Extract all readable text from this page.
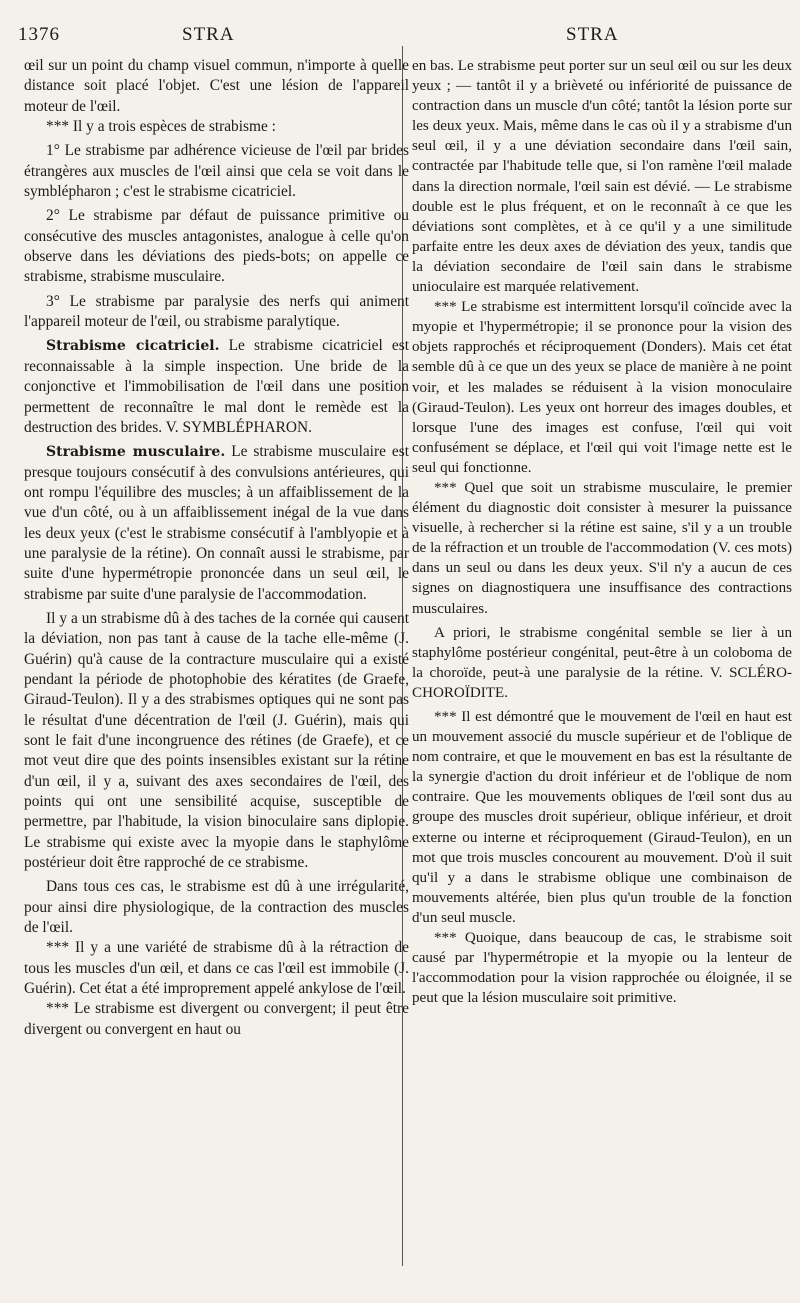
1376	STRA	STRA

œil sur un point du champ visuel commun, n'importe à quelle distance soit placé l'objet. C'est une lésion de l'appareil moteur de l'œil.

*** Il y a trois espèces de strabisme :

1° Le strabisme par adhérence vicieuse de l'œil par brides étrangères aux muscles de l'œil ainsi que cela se voit dans le symblépharon ; c'est le strabisme cicatriciel.

2° Le strabisme par défaut de puissance primitive ou consécutive des muscles antagonistes, analogue à celle qu'on observe dans les déviations des pieds-bots; on appelle ce strabisme, strabisme musculaire.

3° Le strabisme par paralysie des nerfs qui animent l'appareil moteur de l'œil, ou strabisme paralytique.

Strabisme cicatriciel. Le strabisme cicatriciel est reconnaissable à la simple inspection. Une bride de la conjonctive et l'immobilisation de l'œil dans une position permettent de reconnaître le mal dont le remède est la destruction des brides. V. SYMBLÉPHARON.

Strabisme musculaire. Le strabisme musculaire est presque toujours consécutif à des convulsions antérieures, qui ont rompu l'équilibre des muscles; à un affaiblissement de la vue d'un côté, ou à un affaiblissement inégal de la vue dans les deux yeux (c'est le strabisme consécutif à l'amblyopie et à une paralysie de la rétine). On connaît aussi le strabisme, par suite d'une hypermétropie prononcée dans un seul œil, le strabisme par suite d'une paralysie de l'accommodation.

Il y a un strabisme dû à des taches de la cornée qui causent la déviation, non pas tant à cause de la tache elle-même (J. Guérin) qu'à cause de la contracture musculaire qui a existé pendant la période de photophobie des kératites (de Graefe, Giraud-Teulon). Il y a des strabismes optiques qui ne sont pas le résultat d'une décentration de l'œil (J. Guérin), mais qui sont le fait d'une incongruence des rétines (de Graefe), et ce mot veut dire que des points insensibles existant sur la rétine d'un œil, il y a, suivant des axes secondaires de l'œil, des points qui ont une sensibilité acquise, susceptible de permettre, par l'habitude, la vision binoculaire sans diplopie. Le strabisme qui existe avec la myopie dans le staphylôme postérieur doit être rapproché de ce strabisme.

Dans tous ces cas, le strabisme est dû à une irrégularité, pour ainsi dire physiologique, de la contraction des muscles de l'œil.

*** Il y a une variété de strabisme dû à la rétraction de tous les muscles d'un œil, et dans ce cas l'œil est immobile (J. Guérin). Cet état a été improprement appelé ankylose de l'œil.

*** Le strabisme est divergent ou convergent; il peut être divergent ou convergent en haut ou

en bas. Le strabisme peut porter sur un seul œil ou sur les deux yeux ; — tantôt il y a brièveté ou infériorité de puissance de contraction dans un muscle d'un côté; tantôt la lésion porte sur les deux yeux. Mais, même dans le cas où il y a strabisme d'un seul œil, il y a une déviation secondaire dans l'œil sain, contractée par l'habitude telle que, si l'on ramène l'œil malade dans la direction normale, l'œil sain est dévié. — Le strabisme double est le plus fréquent, et on le reconnaît à ce que les déviations sont complètes, et à ce qu'il y a une similitude parfaite entre les deux axes de déviation des yeux, tandis que la déviation secondaire de l'œil sain dans le strabisme unioculaire est marquée relativement.

*** Le strabisme est intermittent lorsqu'il coïncide avec la myopie et l'hypermétropie; il se prononce pour la vision des objets rapprochés et réciproquement (Donders). Mais cet état semble dû à ce que un des yeux se place de manière à ne point voir, et les malades se réduisent à la vision monoculaire (Giraud-Teulon). Les yeux ont horreur des images doubles, et lorsque l'une des images est confuse, l'œil qui voit confusément se déplace, et l'œil qui voit l'image nette est le seul qui fonctionne.

*** Quel que soit un strabisme musculaire, le premier élément du diagnostic doit consister à mesurer la puissance visuelle, à rechercher si la rétine est saine, s'il y a un trouble de la réfraction et un trouble de l'accommodation (V. ces mots) dans un seul ou dans les deux yeux. S'il n'y a aucun de ces signes on diagnostiquera une insuffisance des contractions musculaires.

A priori, le strabisme congénital semble se lier à un staphylôme postérieur congénital, peut-être à un coloboma de la choroïde, peut-à une paralysie de la rétine. V. SCLÉRO-CHOROÏDITE.

*** Il est démontré que le mouvement de l'œil en haut est un mouvement associé du muscle supérieur et de l'oblique de nom contraire, et que le mouvement en bas est la résultante de la synergie d'action du droit inférieur et de l'oblique de nom contraire. Que les mouvements obliques de l'œil sont dus au groupe des muscles droit supérieur, oblique inférieur, et droit externe ou interne et réciproquement (Giraud-Teulon), en un mot que trois muscles concourent au mouvement. D'où il suit qu'il y a dans le strabisme oblique une combinaison de mouvements altérée, bien plus qu'un trouble de la fonction d'un seul muscle.

*** Quoique, dans beaucoup de cas, le strabisme soit causé par l'hypermétropie et la myopie ou la lenteur de l'accommodation pour la vision rapprochée ou éloignée, il se peut que la lésion musculaire soit primitive.
